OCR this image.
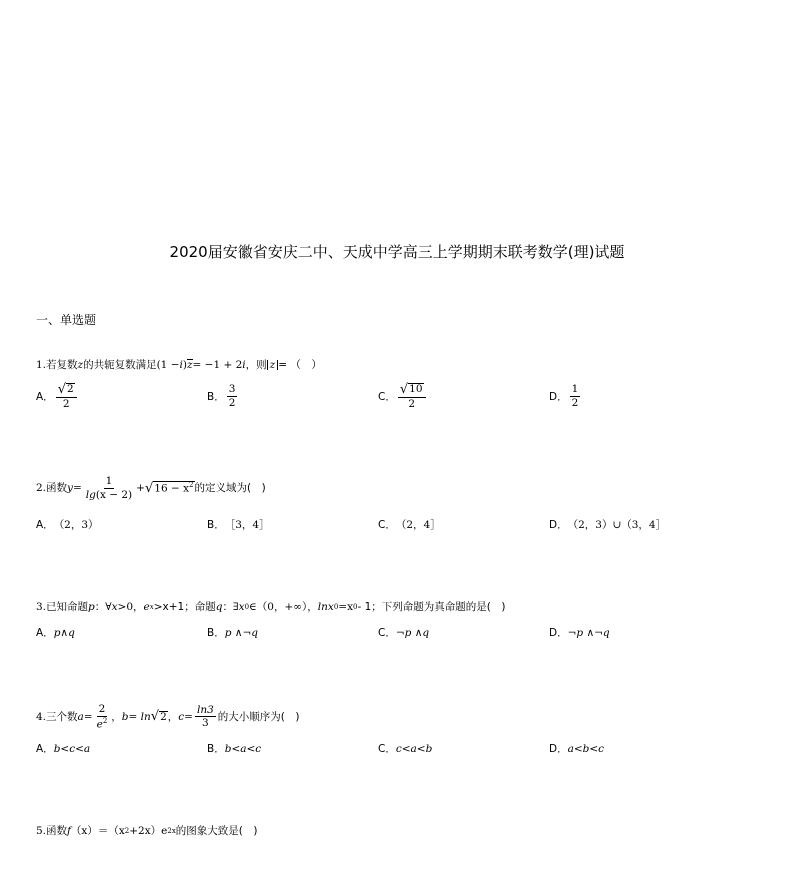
2020届安徽省安庆二中、天成中学高三上学期期末联考数学(理)试题
一、单选题
1. 若复数 z 的共轭复数满足 (1 − i ) z = −1 + 2 i ，则 z = （　）
A． $\frac{√ 2}{2}$	B． $\frac{3}{2}$	C． $\frac{√ 10}{2}$	D． $\frac{1}{2}$
2. 函数 $y = \frac{1}{\lg(x - 2)}$ + √ $16 - x^2$ 的定义域为(　)
A． （2，3）	B． ［3，4］	C． （2，4］	D． （2，3）∪（3，4］
3. 已知命题 p ：∀ x >0， e x > x+1；命题 q ：∃ x 0 ∈（0，+∞）， lnx 0 =x 0 - 1；下列命题为真命题的是(　)
A． p∧q	B． p ∧¬q	C． ¬p ∧q	D． ¬p ∧¬q
4. 三个数 $a = \frac{2}{e^2}$ ， b = ln √ 2 ， $c = \frac{\ln 3}{3}$ 的大小顺序为(　)
A． b<c<a	B． b<a<c	C． c<a<b	D． a<b<c
5. 函数 f （x）＝（x 2 +2x）e 2x 的图象大致是(　)
